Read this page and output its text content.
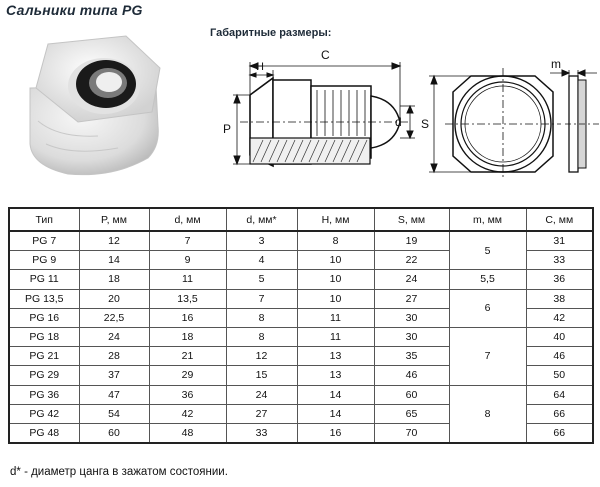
Сальники типа PG
Габаритные размеры:
C
H
P	d S
m
Тип	P, мм	d, мм	d, мм*	H, мм	S, мм	m, мм	C, мм
PG 7	12	7	3	8	19	5	31
PG 9	14	9	4	10	22		33
PG 11	18	11	5	10	24	5,5	36
PG 13,5	20	13,5	7	10	27	6	38
PG 16	22,5	16	8	11	30		42
PG 18	24	18	8	11	30	7	40
PG 21	28	21	12	13	35		46
PG 29	37	29	15	13	46		50
PG 36	47	36	24	14	60	8	64
PG 42	54	42	27	14	65		66
PG 48	60	48	33	16	70		66
d* - диаметр цанга в зажатом состоянии.
